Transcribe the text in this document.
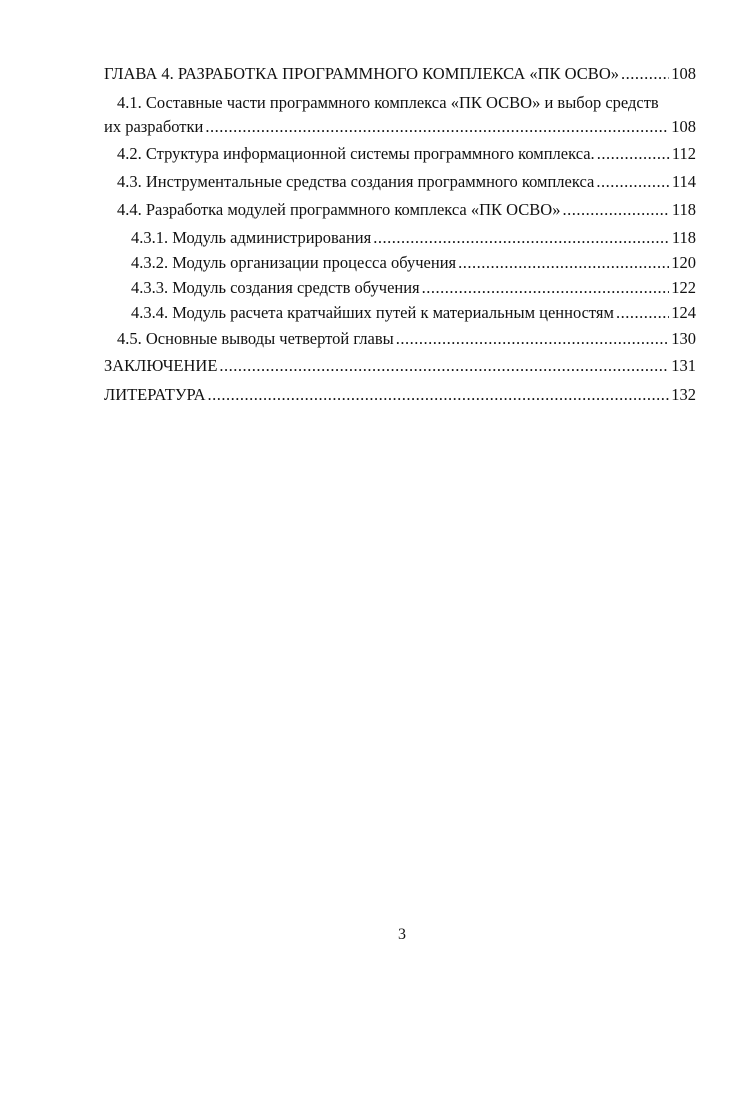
ГЛАВА 4. РАЗРАБОТКА ПРОГРАММНОГО КОМПЛЕКСА «ПК ОСВО» .....	108
4.1. Составные части программного комплекса «ПК ОСВО» и выбор средств
их разработки .....	108
4.2. Структура информационной системы программного комплекса. .....	112
4.3. Инструментальные средства создания программного комплекса .....	114
4.4. Разработка модулей программного комплекса «ПК ОСВО» .....	118
4.3.1. Модуль администрирования .....	118
4.3.2. Модуль организации процесса обучения .....	120
4.3.3. Модуль создания средств обучения .....	122
4.3.4. Модуль расчета кратчайших путей к материальным ценностям .....	124
4.5. Основные выводы четвертой главы .....	130
ЗАКЛЮЧЕНИЕ .....	131
ЛИТЕРАТУРА .....	132
3
